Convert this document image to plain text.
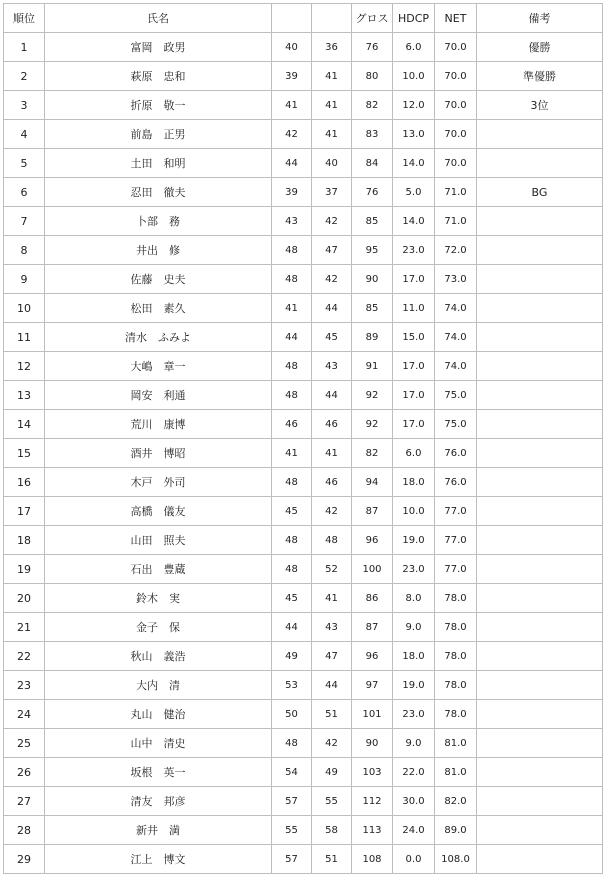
順位	氏名			グロス	HDCP	NET	備考
1	富岡　政男	40	36	76	6.0	70.0	優勝
2	萩原　忠和	39	41	80	10.0	70.0	準優勝
3	折原　敬一	41	41	82	12.0	70.0	3位
4	前島　正男	42	41	83	13.0	70.0	
5	土田　和明	44	40	84	14.0	70.0	
6	忍田　徹夫	39	37	76	5.0	71.0	BG
7	卜部　務	43	42	85	14.0	71.0	
8	井出　修	48	47	95	23.0	72.0	
9	佐藤　史夫	48	42	90	17.0	73.0	
10	松田　素久	41	44	85	11.0	74.0	
11	清水　ふみよ	44	45	89	15.0	74.0	
12	大嶋　章一	48	43	91	17.0	74.0	
13	岡安　利通	48	44	92	17.0	75.0	
14	荒川　康博	46	46	92	17.0	75.0	
15	酒井　博昭	41	41	82	6.0	76.0	
16	木戸　外司	48	46	94	18.0	76.0	
17	高橋　儀友	45	42	87	10.0	77.0	
18	山田　照夫	48	48	96	19.0	77.0	
19	石出　豊蔵	48	52	100	23.0	77.0	
20	鈴木　実	45	41	86	8.0	78.0	
21	金子　保	44	43	87	9.0	78.0	
22	秋山　義浩	49	47	96	18.0	78.0	
23	大内　清	53	44	97	19.0	78.0	
24	丸山　健治	50	51	101	23.0	78.0	
25	山中　清史	48	42	90	9.0	81.0	
26	坂根　英一	54	49	103	22.0	81.0	
27	清友　邦彦	57	55	112	30.0	82.0	
28	新井　満	55	58	113	24.0	89.0	
29	江上　博文	57	51	108	0.0	108.0	
